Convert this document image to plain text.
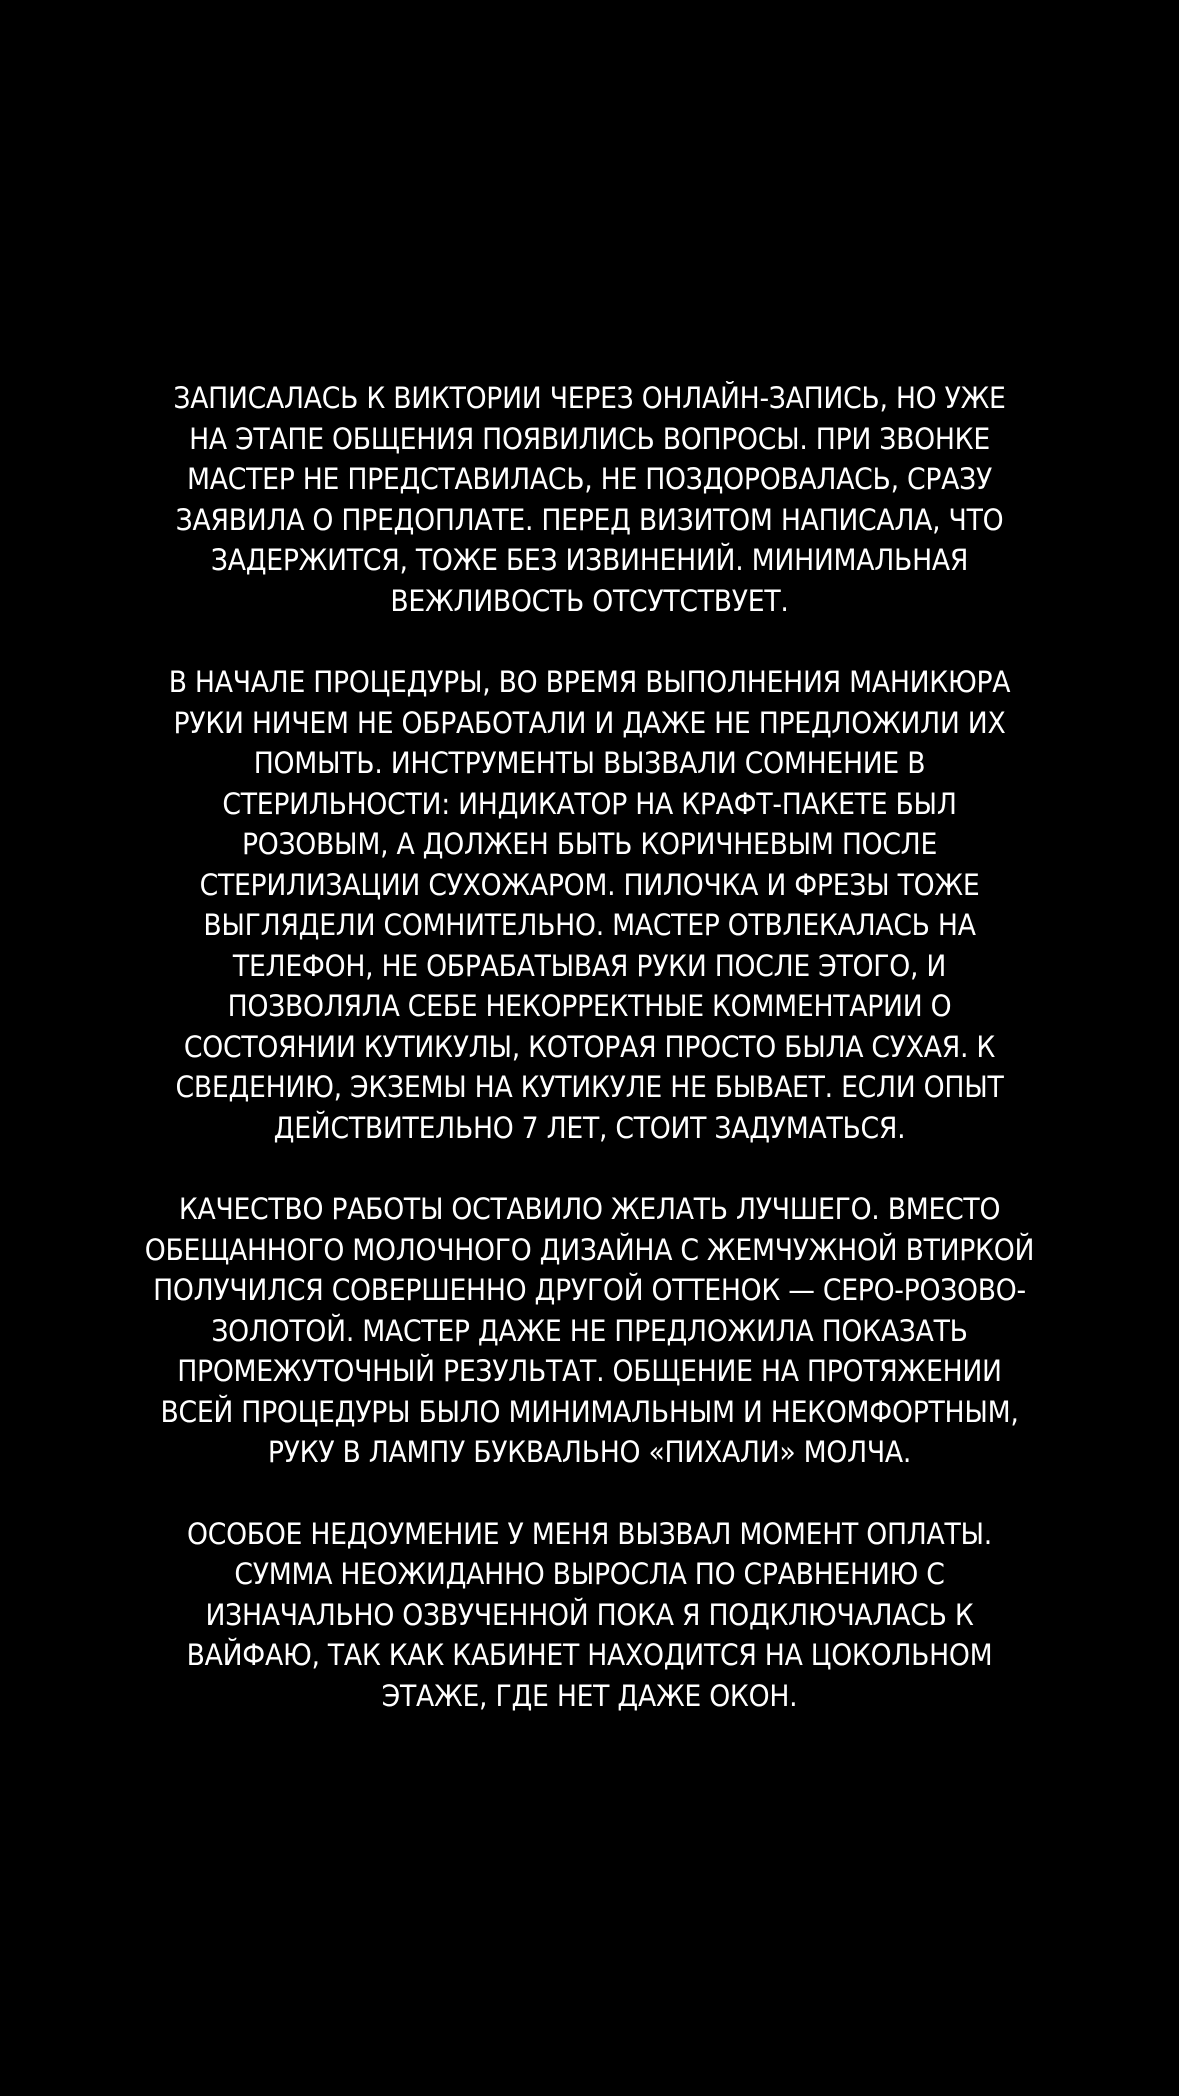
ЗАПИСАЛАСЬ К ВИКТОРИИ ЧЕРЕЗ ОНЛАЙН-ЗАПИСЬ, НО УЖЕ
НА ЭТАПЕ ОБЩЕНИЯ ПОЯВИЛИСЬ ВОПРОСЫ. ПРИ ЗВОНКЕ
МАСТЕР НЕ ПРЕДСТАВИЛАСЬ, НЕ ПОЗДОРОВАЛАСЬ, СРАЗУ
ЗАЯВИЛА О ПРЕДОПЛАТЕ. ПЕРЕД ВИЗИТОМ НАПИСАЛА, ЧТО
ЗАДЕРЖИТСЯ, ТОЖЕ БЕЗ ИЗВИНЕНИЙ. МИНИМАЛЬНАЯ
ВЕЖЛИВОСТЬ ОТСУТСТВУЕТ.
В НАЧАЛЕ ПРОЦЕДУРЫ, ВО ВРЕМЯ ВЫПОЛНЕНИЯ МАНИКЮРА
РУКИ НИЧЕМ НЕ ОБРАБОТАЛИ И ДАЖЕ НЕ ПРЕДЛОЖИЛИ ИХ
ПОМЫТЬ. ИНСТРУМЕНТЫ ВЫЗВАЛИ СОМНЕНИЕ В
СТЕРИЛЬНОСТИ: ИНДИКАТОР НА КРАФТ-ПАКЕТЕ БЫЛ
РОЗОВЫМ, А ДОЛЖЕН БЫТЬ КОРИЧНЕВЫМ ПОСЛЕ
СТЕРИЛИЗАЦИИ СУХОЖАРОМ. ПИЛОЧКА И ФРЕЗЫ ТОЖЕ
ВЫГЛЯДЕЛИ СОМНИТЕЛЬНО. МАСТЕР ОТВЛЕКАЛАСЬ НА
ТЕЛЕФОН, НЕ ОБРАБАТЫВАЯ РУКИ ПОСЛЕ ЭТОГО, И
ПОЗВОЛЯЛА СЕБЕ НЕКОРРЕКТНЫЕ КОММЕНТАРИИ О
СОСТОЯНИИ КУТИКУЛЫ, КОТОРАЯ ПРОСТО БЫЛА СУХАЯ. К
СВЕДЕНИЮ, ЭКЗЕМЫ НА КУТИКУЛЕ НЕ БЫВАЕТ. ЕСЛИ ОПЫТ
ДЕЙСТВИТЕЛЬНО 7 ЛЕТ, СТОИТ ЗАДУМАТЬСЯ.
КАЧЕСТВО РАБОТЫ ОСТАВИЛО ЖЕЛАТЬ ЛУЧШЕГО. ВМЕСТО
ОБЕЩАННОГО МОЛОЧНОГО ДИЗАЙНА С ЖЕМЧУЖНОЙ ВТИРКОЙ
ПОЛУЧИЛСЯ СОВЕРШЕННО ДРУГОЙ ОТТЕНОК — СЕРО-РОЗОВО-
ЗОЛОТОЙ. МАСТЕР ДАЖЕ НЕ ПРЕДЛОЖИЛА ПОКАЗАТЬ
ПРОМЕЖУТОЧНЫЙ РЕЗУЛЬТАТ. ОБЩЕНИЕ НА ПРОТЯЖЕНИИ
ВСЕЙ ПРОЦЕДУРЫ БЫЛО МИНИМАЛЬНЫМ И НЕКОМФОРТНЫМ,
РУКУ В ЛАМПУ БУКВАЛЬНО «ПИХАЛИ» МОЛЧА.
ОСОБОЕ НЕДОУМЕНИЕ У МЕНЯ ВЫЗВАЛ МОМЕНТ ОПЛАТЫ.
СУММА НЕОЖИДАННО ВЫРОСЛА ПО СРАВНЕНИЮ С
ИЗНАЧАЛЬНО ОЗВУЧЕННОЙ ПОКА Я ПОДКЛЮЧАЛАСЬ К
ВАЙФАЮ, ТАК КАК КАБИНЕТ НАХОДИТСЯ НА ЦОКОЛЬНОМ
ЭТАЖЕ, ГДЕ НЕТ ДАЖЕ ОКОН.
